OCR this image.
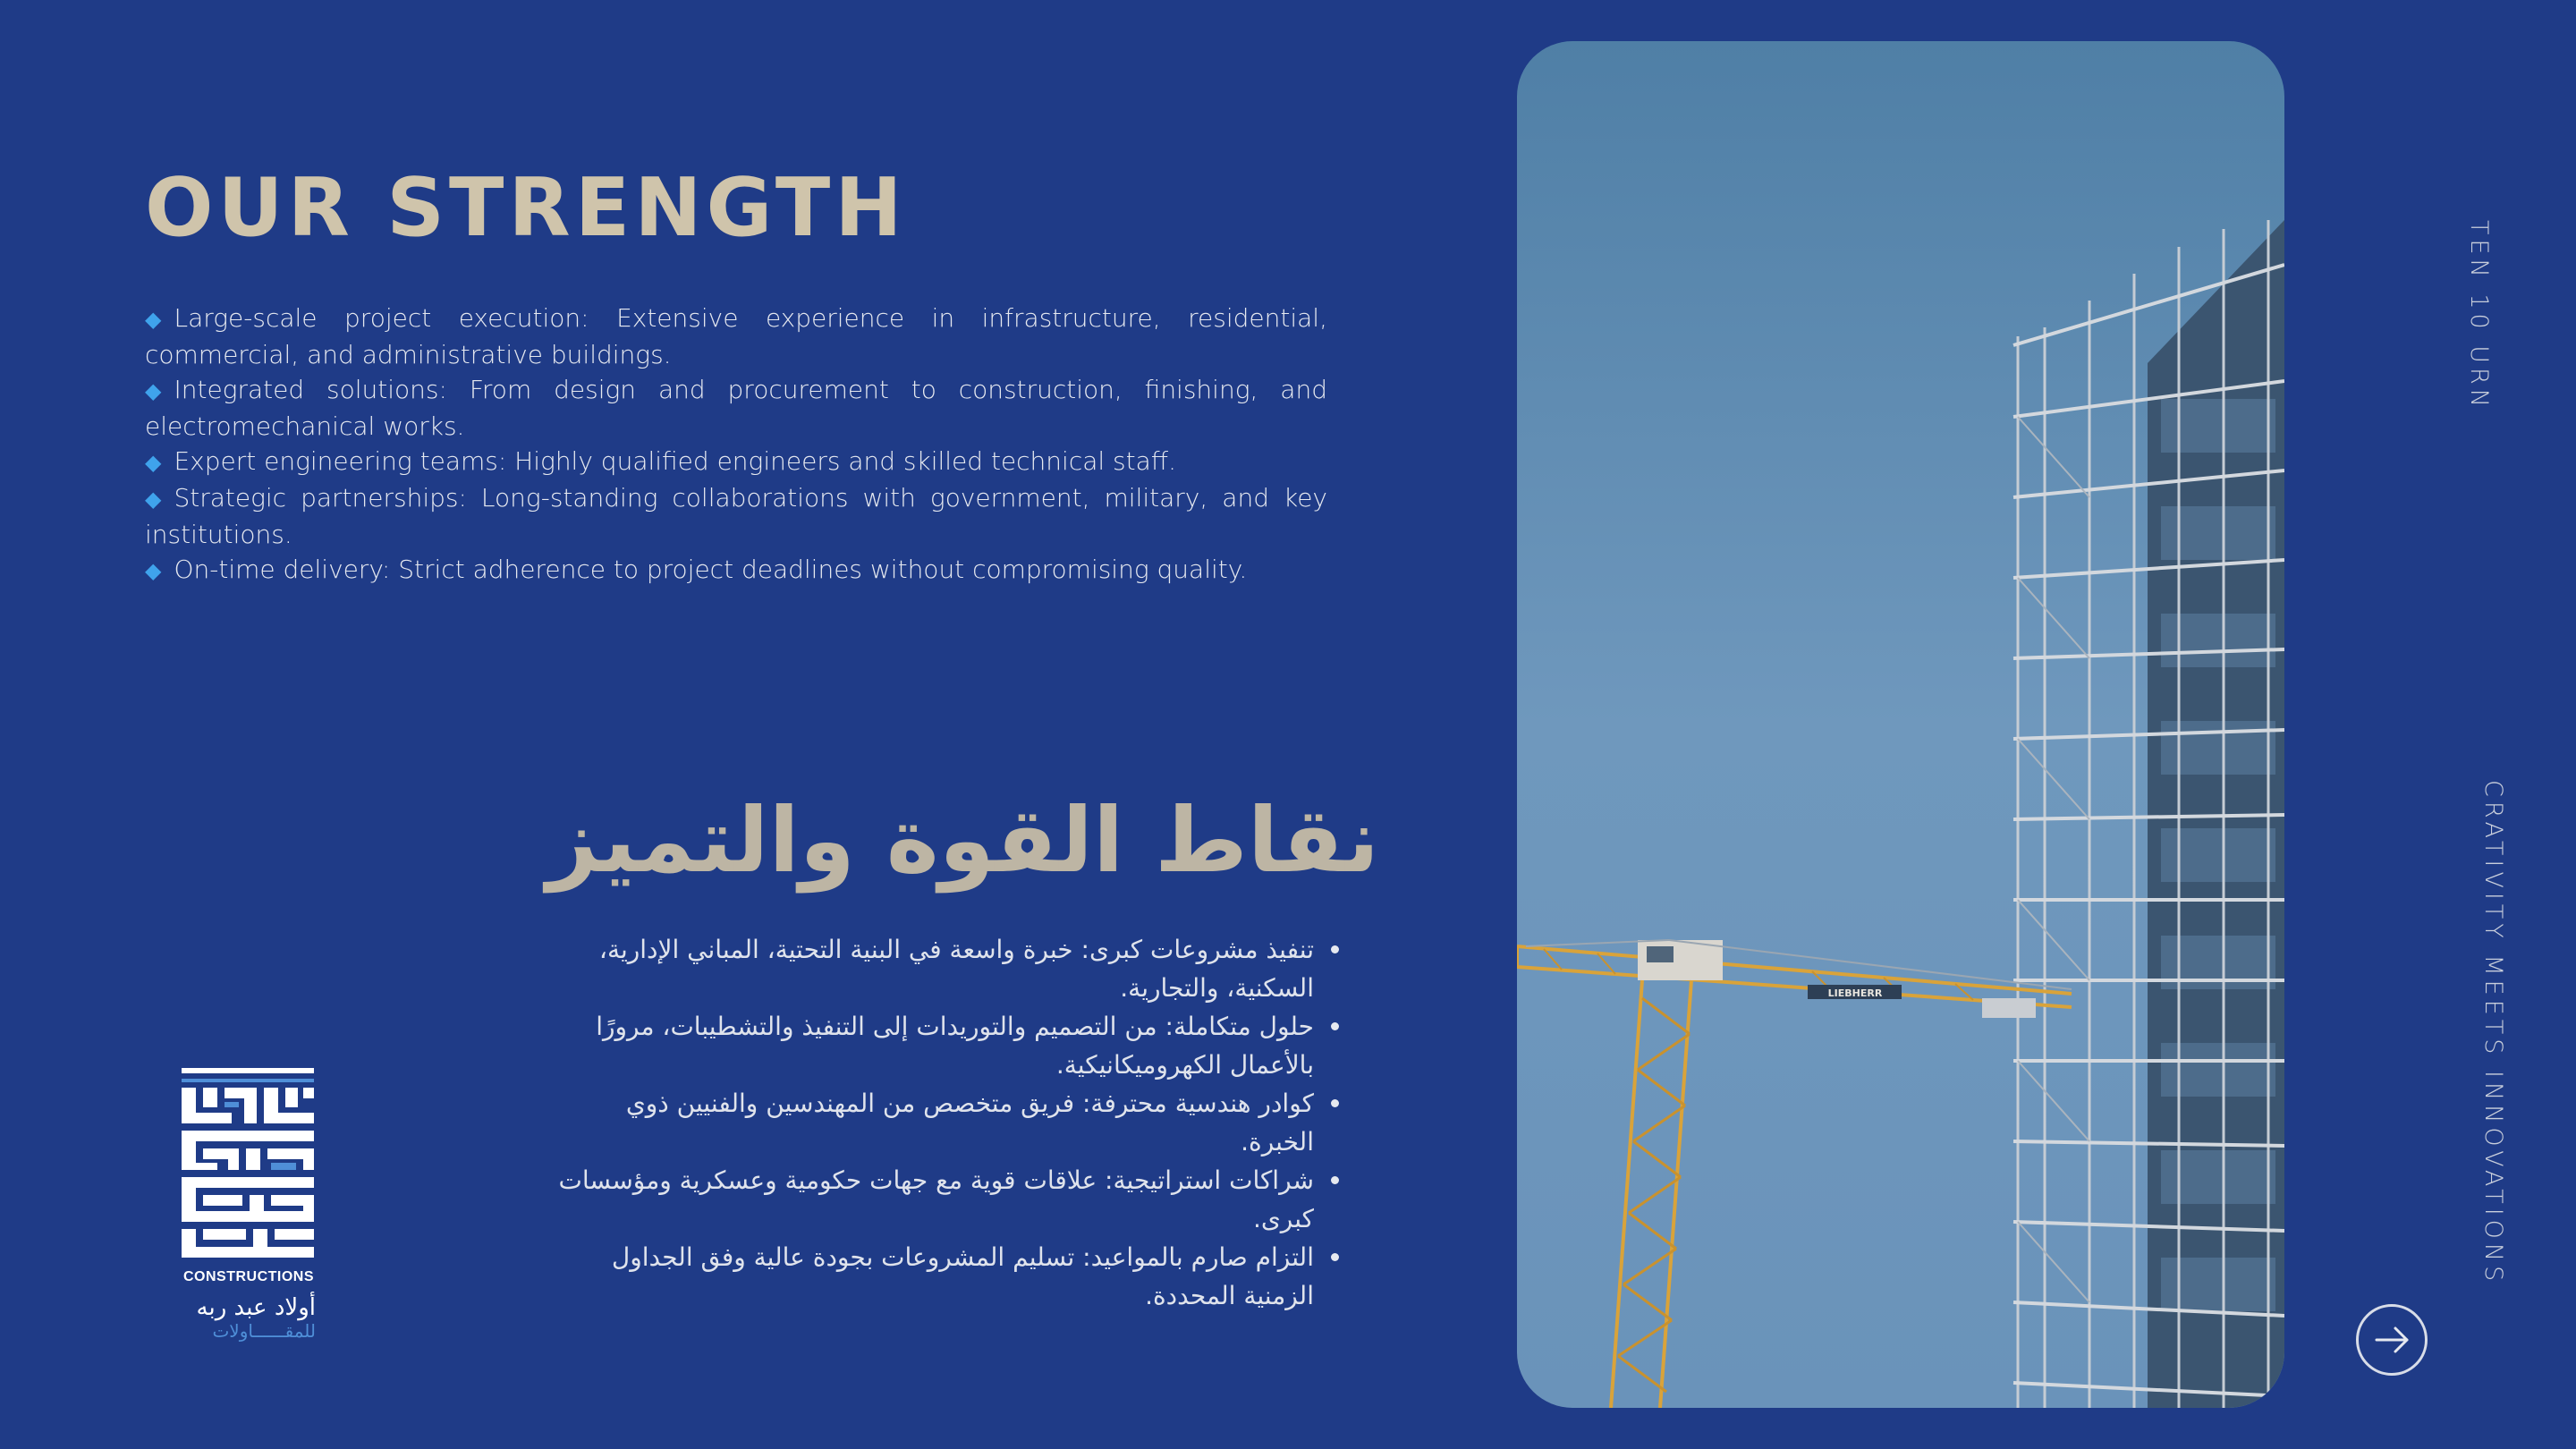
OUR STRENGTH
◆ Large-scale project execution: Extensive experience in infrastructure, residential, commercial, and administrative buildings.
◆ Integrated solutions: From design and procurement to construction, finishing, and electromechanical works.
◆ Expert engineering teams: Highly qualified engineers and skilled technical staff.
◆ Strategic partnerships: Long-standing collaborations with government, military, and key institutions.
◆ On-time delivery: Strict adherence to project deadlines without compromising quality.
نقاط القوة والتميز
تنفيذ مشروعات كبرى: خبرة واسعة في البنية التحتية، المباني الإدارية، السكنية، والتجارية.
حلول متكاملة: من التصميم والتوريدات إلى التنفيذ والتشطيبات، مرورًا بالأعمال الكهروميكانيكية.
كوادر هندسية محترفة: فريق متخصص من المهندسين والفنيين ذوي الخبرة.
شراكات استراتيجية: علاقات قوية مع جهات حكومية وعسكرية ومؤسسات كبرى.
التزام صارم بالمواعيد: تسليم المشروعات بجودة عالية وفق الجداول الزمنية المحددة.
CONSTRUCTIONS
أولاد عبد ربه
للمقــــــاولات
LIEBHERR
TEN 10 URN
CRATIVITY MEETS INNOVATIONS
